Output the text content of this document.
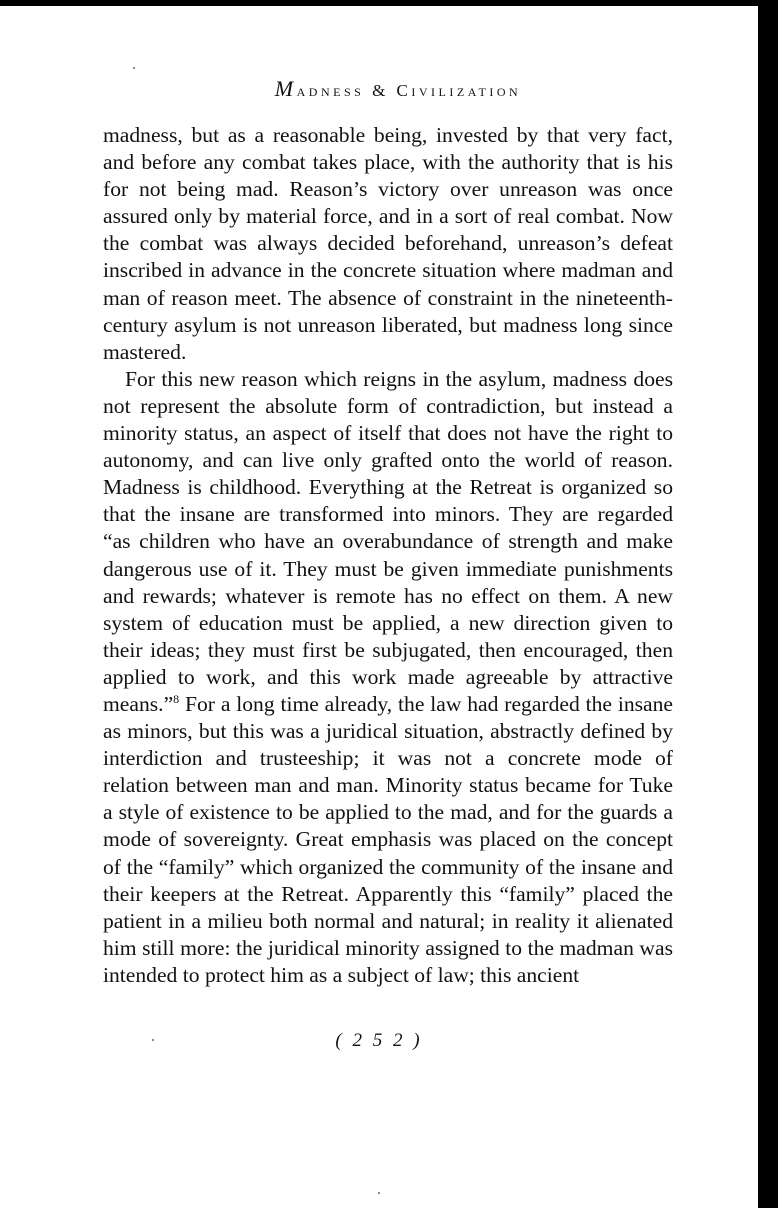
Madness & Civilization

madness, but as a reasonable being, invested by that very fact, and before any combat takes place, with the authority that is his for not being mad. Reason’s victory over unreason was once assured only by material force, and in a sort of real combat. Now the combat was always decided beforehand, unreason’s defeat inscribed in advance in the concrete situation where madman and man of reason meet. The absence of constraint in the nineteenth-century asylum is not unreason liberated, but madness long since mastered.

For this new reason which reigns in the asylum, madness does not represent the absolute form of contradiction, but instead a minority status, an aspect of itself that does not have the right to autonomy, and can live only grafted onto the world of reason. Madness is childhood. Everything at the Retreat is organized so that the insane are transformed into minors. They are regarded “as children who have an overabundance of strength and make dangerous use of it. They must be given immediate punishments and rewards; whatever is remote has no effect on them. A new system of education must be applied, a new direction given to their ideas; they must first be subjugated, then encouraged, then applied to work, and this work made agreeable by attractive means.”$^8$ For a long time already, the law had regarded the insane as minors, but this was a juridical situation, abstractly defined by interdiction and trusteeship; it was not a concrete mode of relation between man and man. Minority status became for Tuke a style of existence to be applied to the mad, and for the guards a mode of sovereignty. Great emphasis was placed on the concept of the “family” which organized the community of the insane and their keepers at the Retreat. Apparently this “family” placed the patient in a milieu both normal and natural; in reality it alienated him still more: the juridical minority assigned to the madman was intended to protect him as a subject of law; this ancient

( 2 5 2 )
